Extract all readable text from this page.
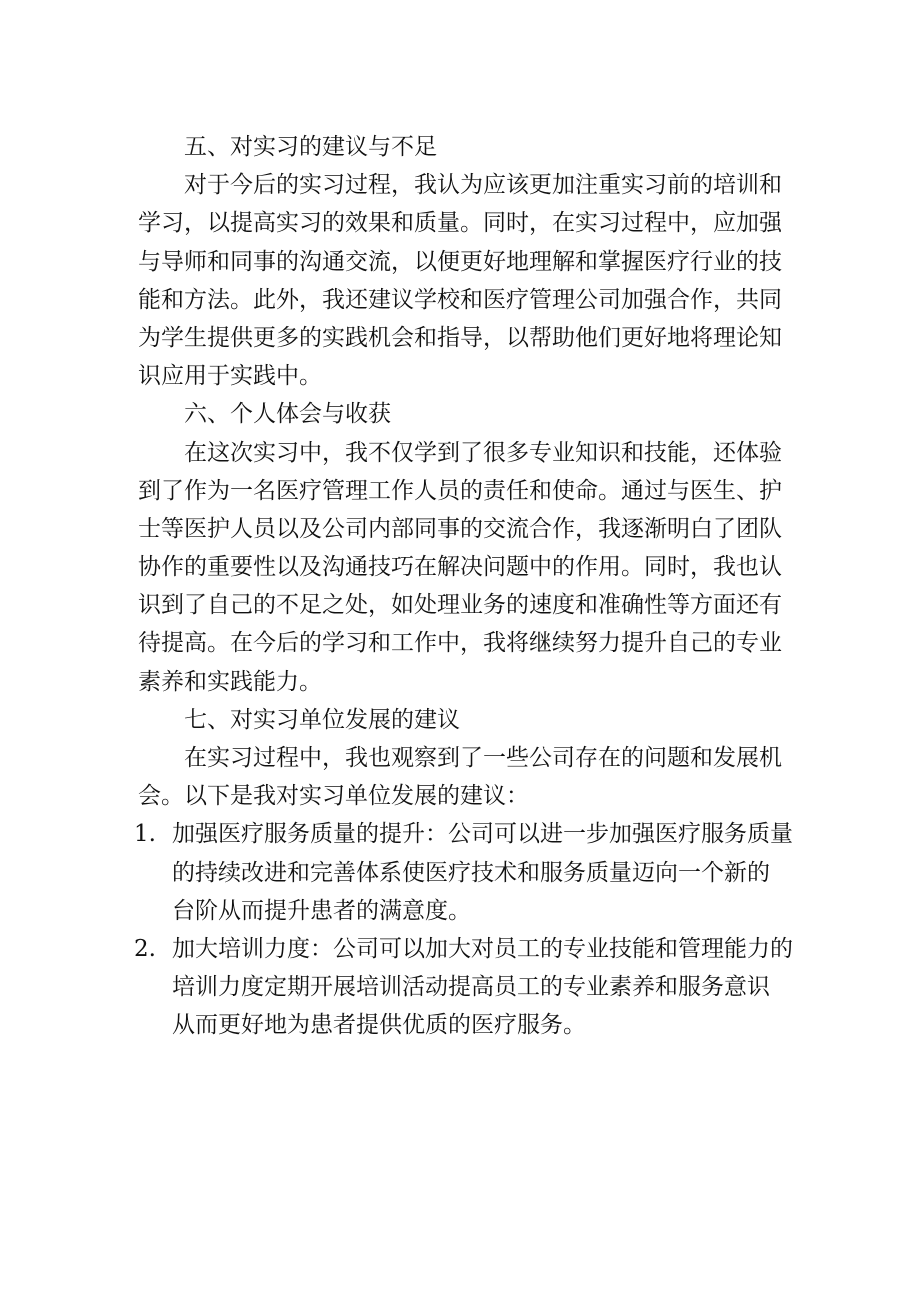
五、对实习的建议与不足
对于今后的实习过程，我认为应该更加注重实习前的培训和
学习，以提高实习的效果和质量。同时，在实习过程中，应加强
与导师和同事的沟通交流，以便更好地理解和掌握医疗行业的技
能和方法。此外，我还建议学校和医疗管理公司加强合作，共同
为学生提供更多的实践机会和指导，以帮助他们更好地将理论知
识应用于实践中。
六、个人体会与收获
在这次实习中，我不仅学到了很多专业知识和技能，还体验
到了作为一名医疗管理工作人员的责任和使命。通过与医生、护
士等医护人员以及公司内部同事的交流合作，我逐渐明白了团队
协作的重要性以及沟通技巧在解决问题中的作用。同时，我也认
识到了自己的不足之处，如处理业务的速度和准确性等方面还有
待提高。在今后的学习和工作中，我将继续努力提升自己的专业
素养和实践能力。
七、对实习单位发展的建议
在实习过程中，我也观察到了一些公司存在的问题和发展机
会。以下是我对实习单位发展的建议：
1. 加强医疗服务质量的提升：公司可以进一步加强医疗服务质量
的持续改进和完善体系使医疗技术和服务质量迈向一个新的
台阶从而提升患者的满意度。
2. 加大培训力度：公司可以加大对员工的专业技能和管理能力的
培训力度定期开展培训活动提高员工的专业素养和服务意识
从而更好地为患者提供优质的医疗服务。
